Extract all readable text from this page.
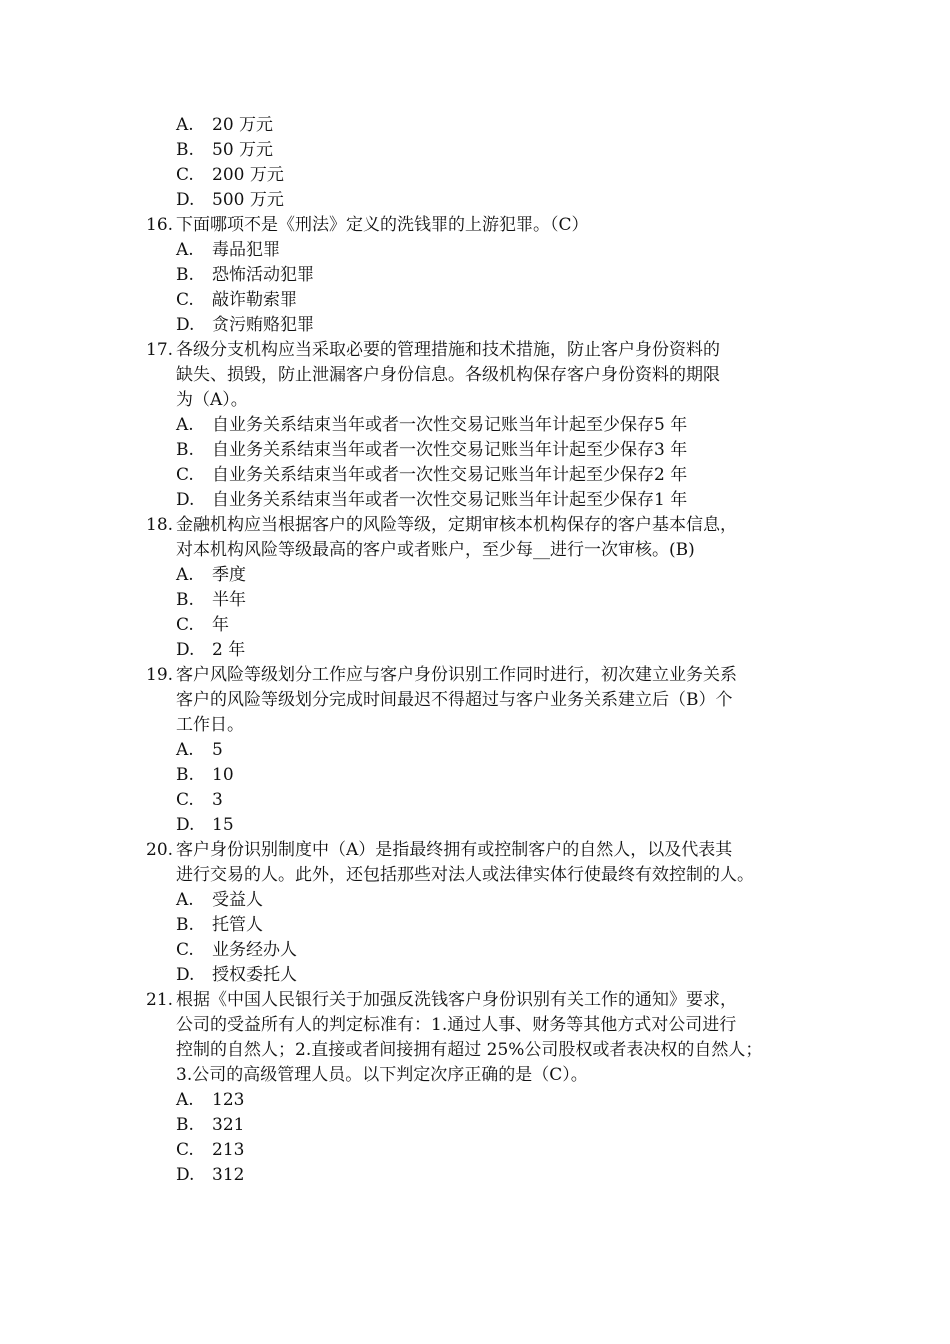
A.	20 万元
B.	50 万元
C.	200 万元
D.	500 万元
16. 下面哪项不是《刑法》定义的洗钱罪的上游犯罪。（C）
A.	毒品犯罪
B.	恐怖活动犯罪
C.	敲诈勒索罪
D.	贪污贿赂犯罪
17. 各级分支机构应当采取必要的管理措施和技术措施，防止客户身份资料的
缺失、损毁，防止泄漏客户身份信息。各级机构保存客户身份资料的期限
为（A）。
A.	自业务关系结束当年或者一次性交易记账当年计起至少保存5 年
B.	自业务关系结束当年或者一次性交易记账当年计起至少保存3 年
C.	自业务关系结束当年或者一次性交易记账当年计起至少保存2 年
D.	自业务关系结束当年或者一次性交易记账当年计起至少保存1 年
18. 金融机构应当根据客户的风险等级，定期审核本机构保存的客户基本信息，
对本机构风险等级最高的客户或者账户，至少每__进行一次审核。(B)
A.	季度
B.	半年
C.	年
D.	2 年
19. 客户风险等级划分工作应与客户身份识别工作同时进行，初次建立业务关系
客户的风险等级划分完成时间最迟不得超过与客户业务关系建立后（B）个
工作日。
A.	5
B.	10
C.	3
D.	15
20. 客户身份识别制度中（A）是指最终拥有或控制客户的自然人，以及代表其
进行交易的人。此外，还包括那些对法人或法律实体行使最终有效控制的人。
A.	受益人
B.	托管人
C.	业务经办人
D.	授权委托人
21. 根据《中国人民银行关于加强反洗钱客户身份识别有关工作的通知》要求，
公司的受益所有人的判定标准有：1.通过人事、财务等其他方式对公司进行
控制的自然人；2.直接或者间接拥有超过 25%公司股权或者表决权的自然人；
3.公司的高级管理人员。以下判定次序正确的是（C）。
A.	123
B.	321
C.	213
D.	312
